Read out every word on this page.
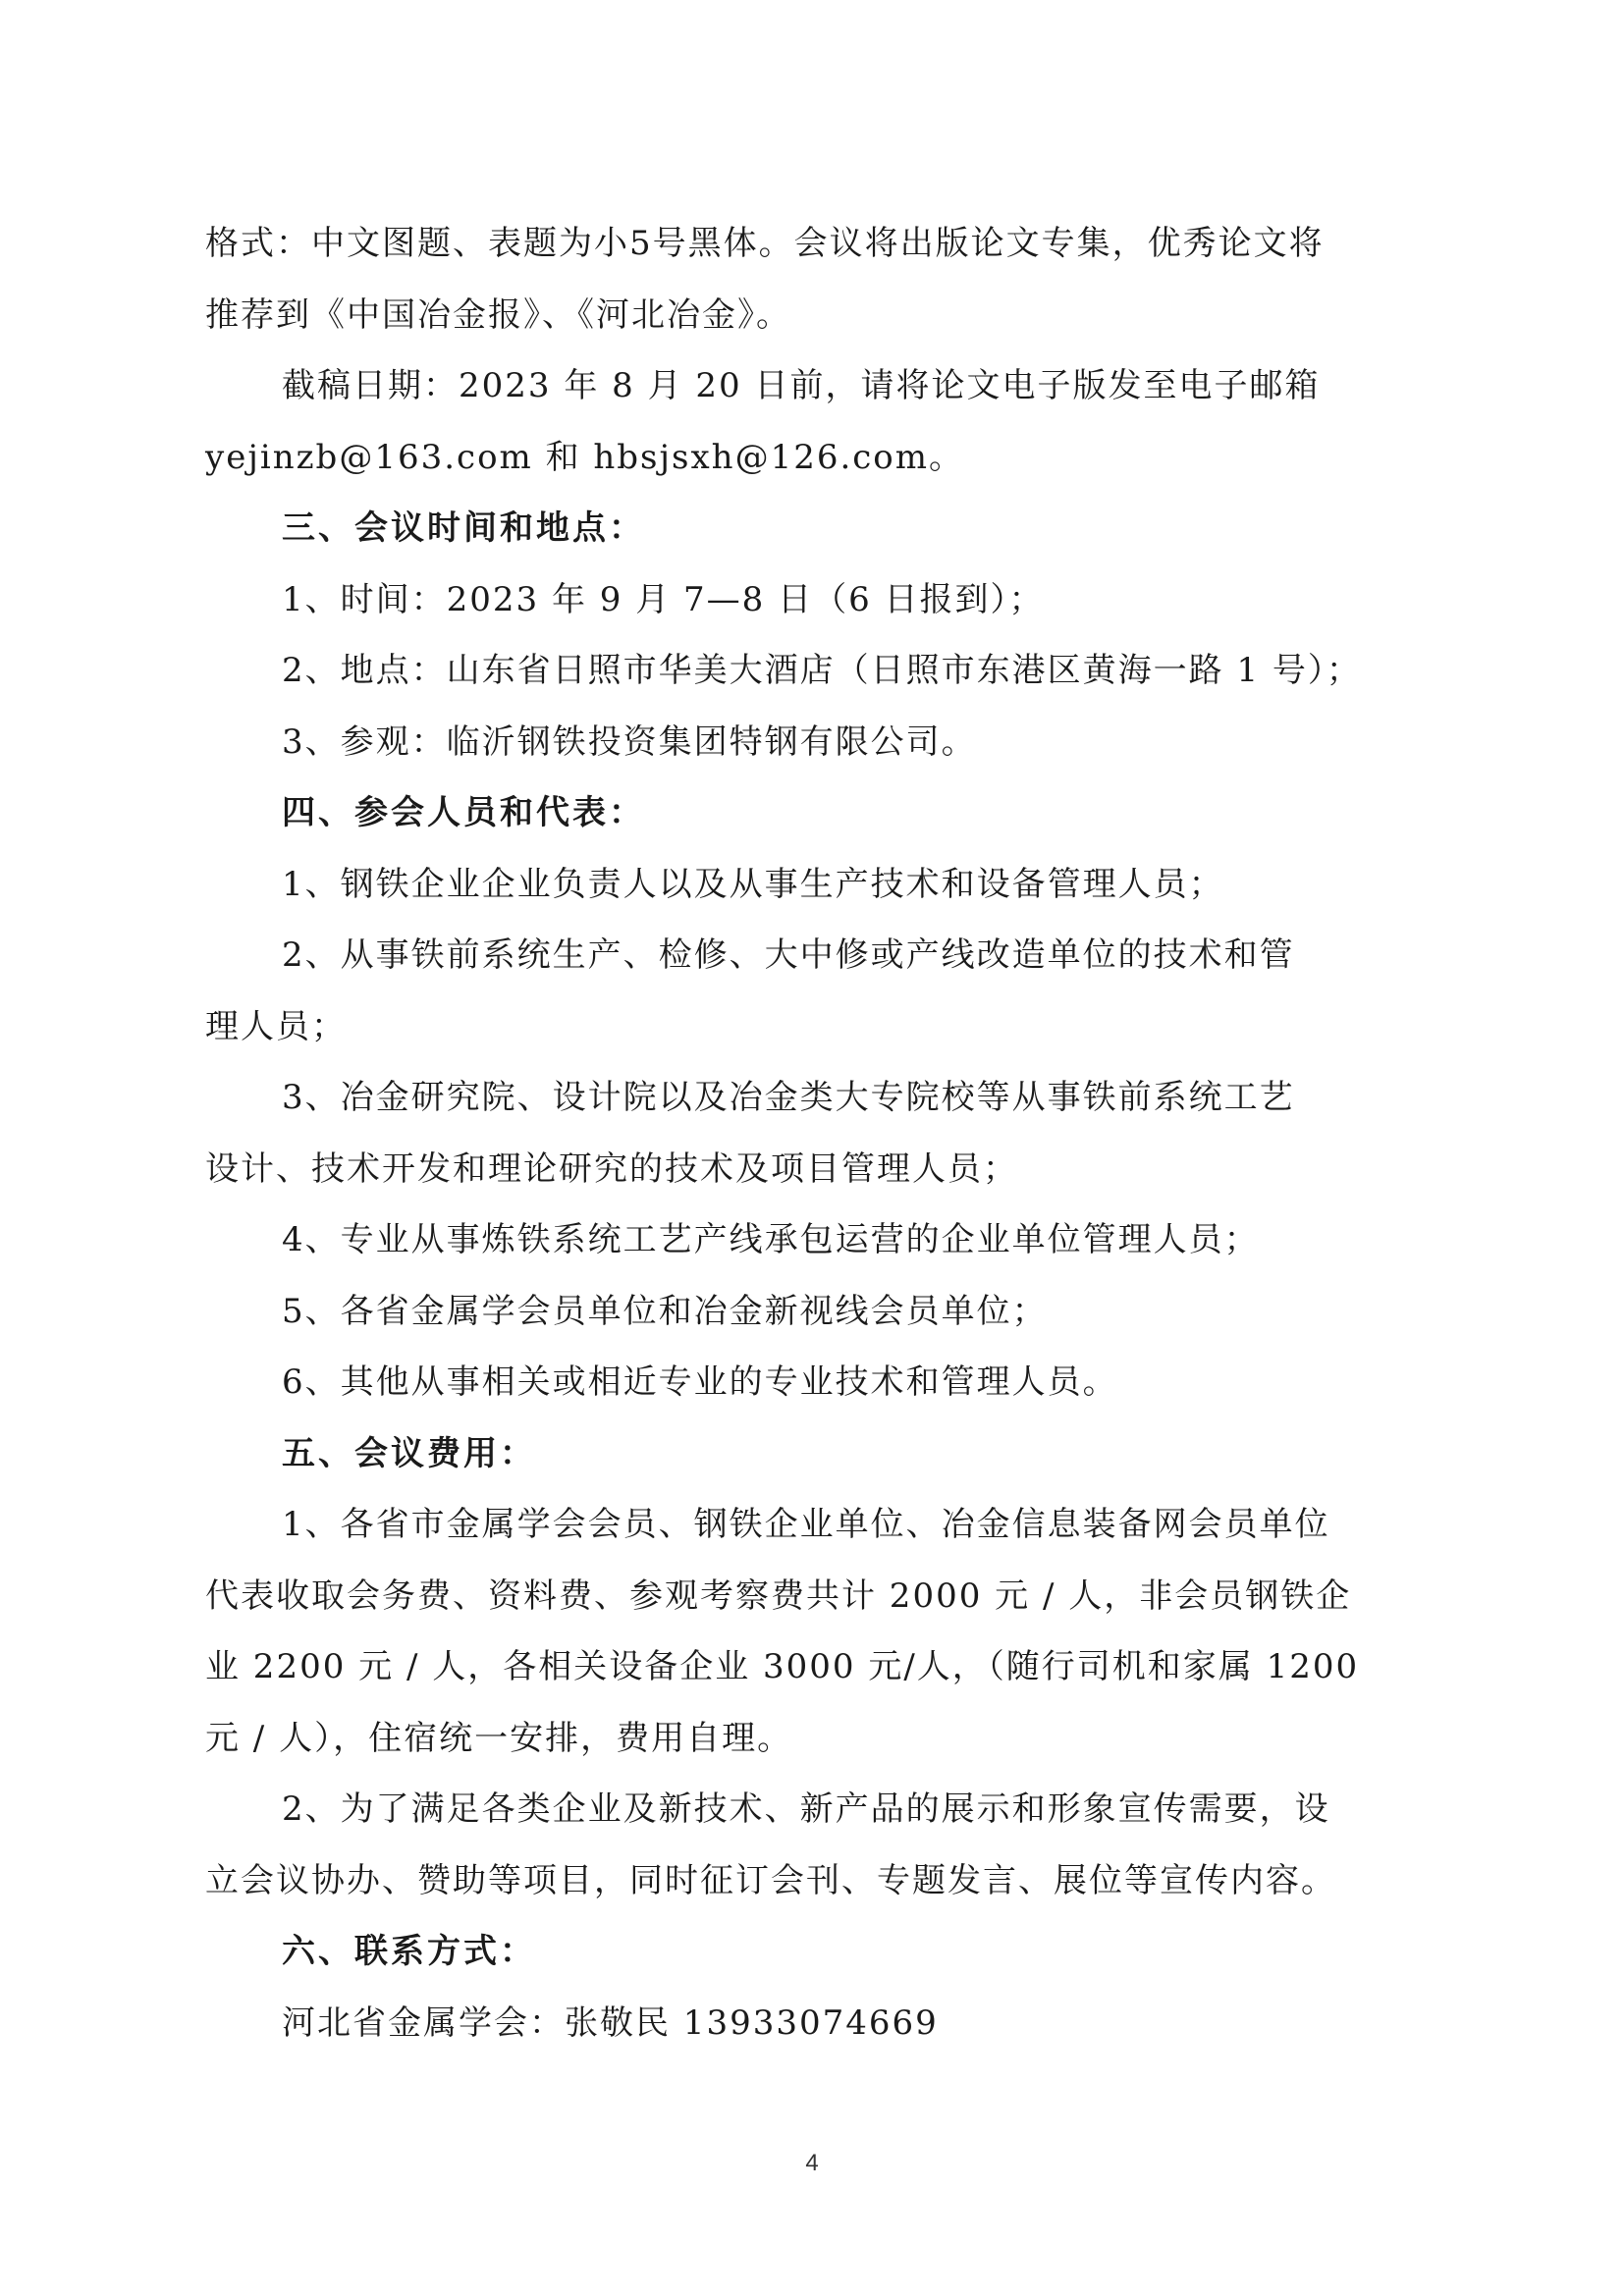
格式：中文图题、表题为小5号黑体。会议将出版论文专集，优秀论文将
推荐到《中国冶金报》、《河北冶金》。
截稿日期：2023 年 8 月 20 日前，请将论文电子版发至电子邮箱
yejinzb@163.com 和 hbsjsxh@126.com。
三、会议时间和地点：
1、时间：2023 年 9 月 7—8 日（6 日报到）；
2、地点：山东省日照市华美大酒店（日照市东港区黄海一路 1 号）；
3、参观：临沂钢铁投资集团特钢有限公司。
四、参会人员和代表：
1、钢铁企业企业负责人以及从事生产技术和设备管理人员；
2、从事铁前系统生产、检修、大中修或产线改造单位的技术和管
理人员；
3、冶金研究院、设计院以及冶金类大专院校等从事铁前系统工艺
设计、技术开发和理论研究的技术及项目管理人员；
4、专业从事炼铁系统工艺产线承包运营的企业单位管理人员；
5、各省金属学会员单位和冶金新视线会员单位；
6、其他从事相关或相近专业的专业技术和管理人员。
五、会议费用：
1、各省市金属学会会员、钢铁企业单位、冶金信息装备网会员单位
代表收取会务费、资料费、参观考察费共计 2000 元 / 人，非会员钢铁企
业 2200 元 / 人，各相关设备企业 3000 元/人，（随行司机和家属 1200
元 / 人），住宿统一安排，费用自理。
2、为了满足各类企业及新技术、新产品的展示和形象宣传需要，设
立会议协办、赞助等项目，同时征订会刊、专题发言、展位等宣传内容。
六、联系方式：
河北省金属学会：张敬民 13933074669
4
